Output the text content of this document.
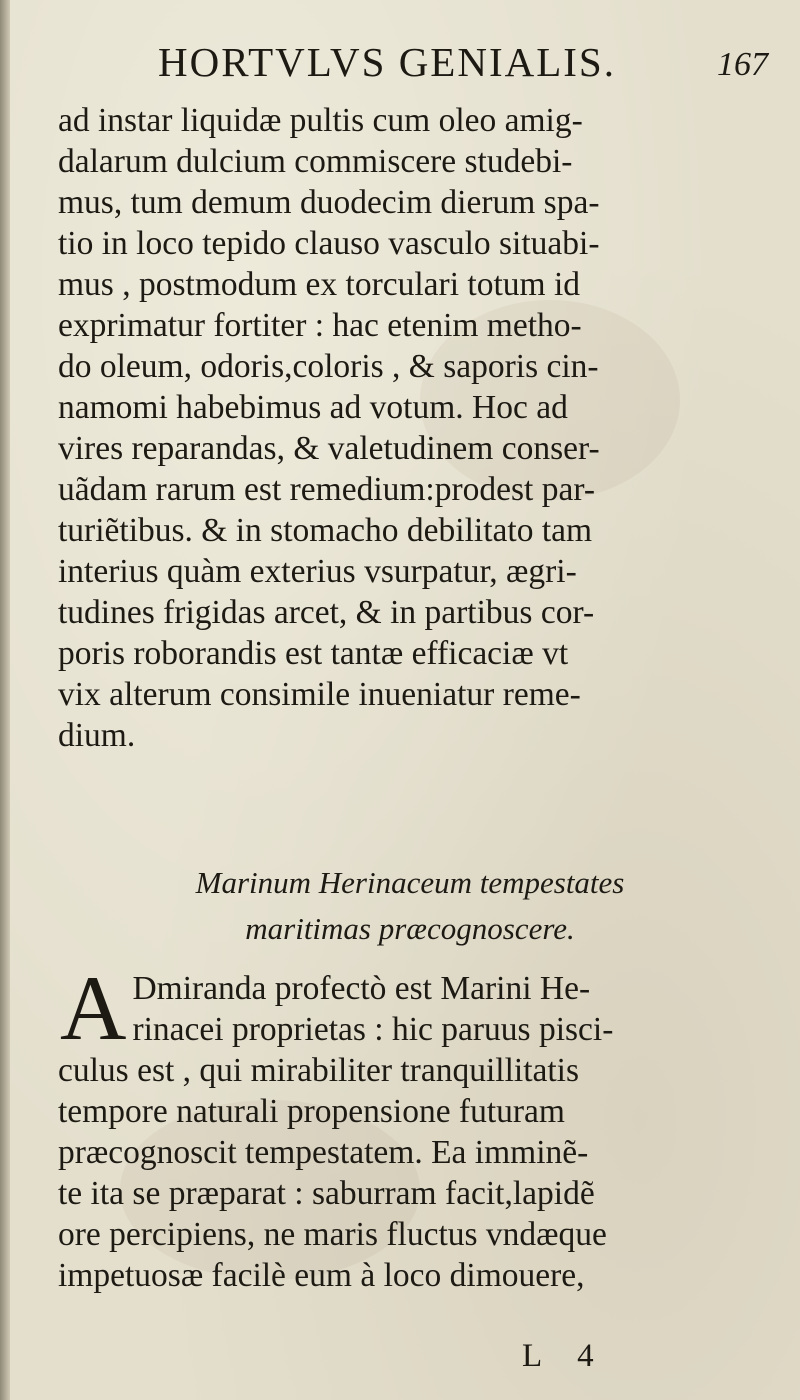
HORTVLVS GENIALIS.	167
ad instar liquidæ pultis cum oleo amig-
dalarum dulcium commiscere studebi-
mus, tum demum duodecim dierum spa-
tio in loco tepido clauso vasculo situabi-
mus , postmodum ex torculari totum id
exprimatur fortiter : hac etenim metho-
do oleum, odoris,coloris , & saporis cin-
namomi habebimus ad votum. Hoc ad
vires reparandas, & valetudinem conser-
uãdam rarum est remedium:prodest par-
turiẽtibus. & in stomacho debilitato tam
interius quàm exterius vsurpatur, ægri-
tudines frigidas arcet, & in partibus cor-
poris roborandis est tantæ efficaciæ vt
vix alterum consimile inueniatur reme-
dium.
Marinum Herinaceum tempestates
maritimas præcognoscere.
A Dmiranda profectò est Marini He-
rinacei proprietas : hic paruus pisci-
culus est , qui mirabiliter tranquillitatis
tempore naturali propensione futuram
præcognoscit tempestatem. Ea imminẽ-
te ita se præparat : saburram facit,lapidẽ
ore percipiens, ne maris fluctus vndæque
impetuosæ facilè eum à loco dimouere,
L 4
